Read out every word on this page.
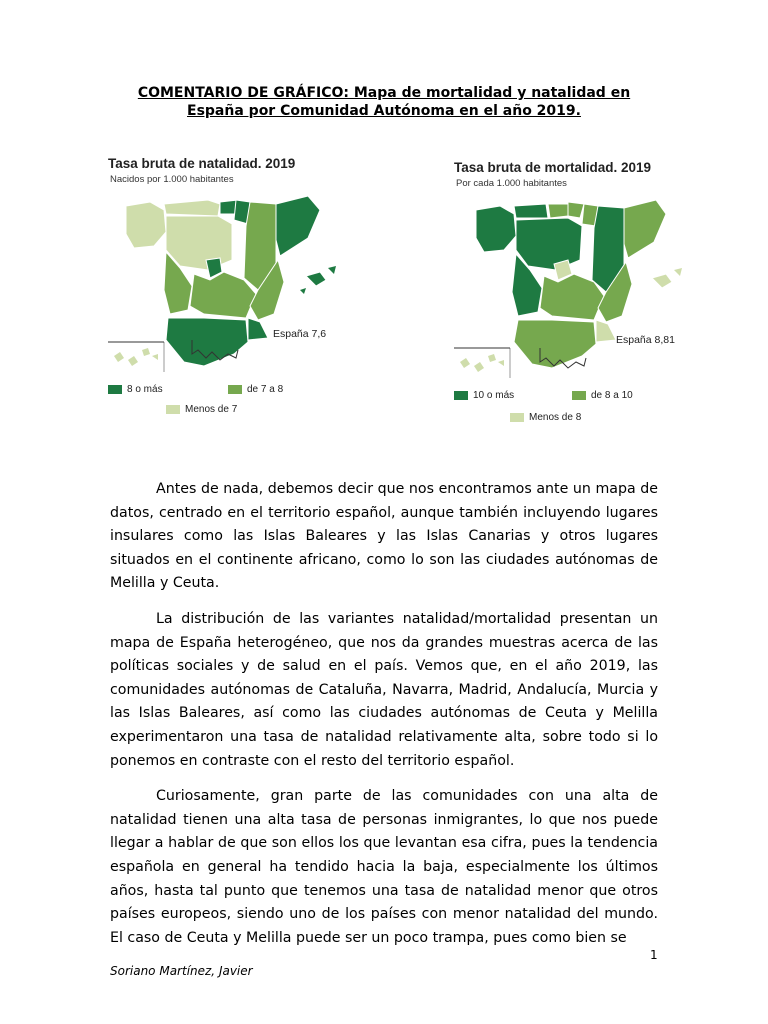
COMENTARIO DE GRÁFICO: Mapa de mortalidad y natalidad en
España por Comunidad Autónoma en el año 2019.
Tasa bruta de natalidad. 2019
Nacidos por 1.000 habitantes
España 7,6
8 o más	de 7 a 8
Menos de 7
Tasa bruta de mortalidad. 2019
Por cada 1.000 habitantes
España 8,81
10 o más	de 8 a 10
Menos de 8

Antes de nada, debemos decir que nos encontramos ante un mapa de datos, centrado en el territorio español, aunque también incluyendo lugares insulares como las Islas Baleares y las Islas Canarias y otros lugares situados en el continente africano, como lo son las ciudades autónomas de Melilla y Ceuta.

La distribución de las variantes natalidad/mortalidad presentan un mapa de España heterogéneo, que nos da grandes muestras acerca de las políticas sociales y de salud en el país. Vemos que, en el año 2019, las comunidades autónomas de Cataluña, Navarra, Madrid, Andalucía, Murcia y las Islas Baleares, así como las ciudades autónomas de Ceuta y Melilla experimentaron una tasa de natalidad relativamente alta, sobre todo si lo ponemos en contraste con el resto del territorio español.

Curiosamente, gran parte de las comunidades con una alta de natalidad tienen una alta tasa de personas inmigrantes, lo que nos puede llegar a hablar de que son ellos los que levantan esa cifra, pues la tendencia española en general ha tendido hacia la baja, especialmente los últimos años, hasta tal punto que tenemos una tasa de natalidad menor que otros países europeos, siendo uno de los países con menor natalidad del mundo. El caso de Ceuta y Melilla puede ser un poco trampa, pues como bien se

1
Soriano Martínez, Javier
